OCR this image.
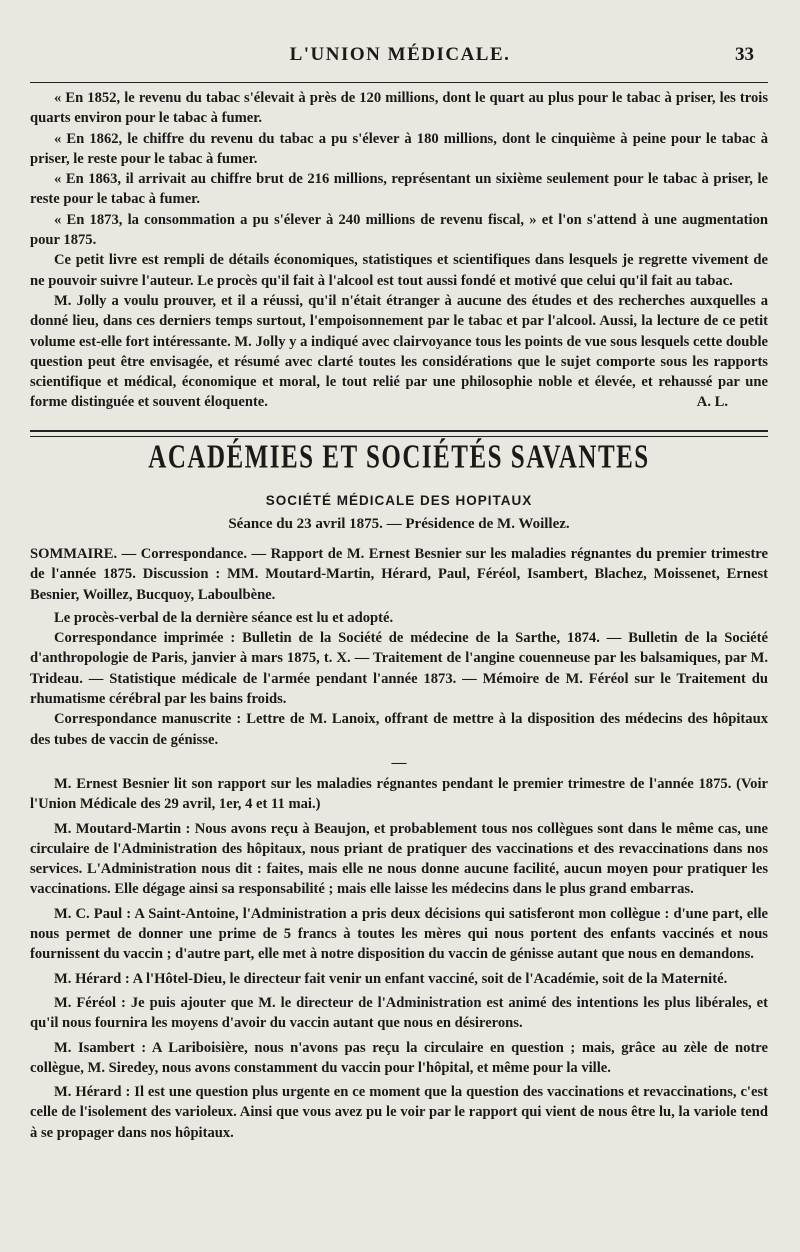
L'UNION MÉDICALE.	33

« En 1852, le revenu du tabac s'élevait à près de 120 millions, dont le quart au plus pour le tabac à priser, les trois quarts environ pour le tabac à fumer.

« En 1862, le chiffre du revenu du tabac a pu s'élever à 180 millions, dont le cinquième à peine pour le tabac à priser, le reste pour le tabac à fumer.

« En 1863, il arrivait au chiffre brut de 216 millions, représentant un sixième seulement pour le tabac à priser, le reste pour le tabac à fumer.

« En 1873, la consommation a pu s'élever à 240 millions de revenu fiscal, » et l'on s'attend à une augmentation pour 1875.

Ce petit livre est rempli de détails économiques, statistiques et scientifiques dans lesquels je regrette vivement de ne pouvoir suivre l'auteur. Le procès qu'il fait à l'alcool est tout aussi fondé et motivé que celui qu'il fait au tabac.

M. Jolly a voulu prouver, et il a réussi, qu'il n'était étranger à aucune des études et des recherches auxquelles a donné lieu, dans ces derniers temps surtout, l'empoisonnement par le tabac et par l'alcool. Aussi, la lecture de ce petit volume est-elle fort intéressante. M. Jolly y a indiqué avec clairvoyance tous les points de vue sous lesquels cette double question peut être envisagée, et résumé avec clarté toutes les considérations que le sujet comporte sous les rapports scientifique et médical, économique et moral, le tout relié par une philosophie noble et élevée, et rehaussé par une forme distinguée et souvent éloquente.	A. L.

ACADÉMIES ET SOCIÉTÉS SAVANTES
SOCIÉTÉ MÉDICALE DES HOPITAUX
Séance du 23 avril 1875. — Présidence de M. Woillez.

SOMMAIRE. — Correspondance. — Rapport de M. Ernest Besnier sur les maladies régnantes du premier trimestre de l'année 1875. Discussion : MM. Moutard-Martin, Hérard, Paul, Féréol, Isambert, Blachez, Moissenet, Ernest Besnier, Woillez, Bucquoy, Laboulbène.

Le procès-verbal de la dernière séance est lu et adopté.

Correspondance imprimée : Bulletin de la Société de médecine de la Sarthe, 1874. — Bulletin de la Société d'anthropologie de Paris, janvier à mars 1875, t. X. — Traitement de l'angine couenneuse par les balsamiques, par M. Trideau. — Statistique médicale de l'armée pendant l'année 1873. — Mémoire de M. Féréol sur le Traitement du rhumatisme cérébral par les bains froids.

Correspondance manuscrite : Lettre de M. Lanoix, offrant de mettre à la disposition des médecins des hôpitaux des tubes de vaccin de génisse.

—

M. Ernest Besnier lit son rapport sur les maladies régnantes pendant le premier trimestre de l'année 1875. (Voir l'Union Médicale des 29 avril, 1er, 4 et 11 mai.)

M. Moutard-Martin : Nous avons reçu à Beaujon, et probablement tous nos collègues sont dans le même cas, une circulaire de l'Administration des hôpitaux, nous priant de pratiquer des vaccinations et des revaccinations dans nos services. L'Administration nous dit : faites, mais elle ne nous donne aucune facilité, aucun moyen pour pratiquer les vaccinations. Elle dégage ainsi sa responsabilité ; mais elle laisse les médecins dans le plus grand embarras.

M. C. Paul : A Saint-Antoine, l'Administration a pris deux décisions qui satisferont mon collègue : d'une part, elle nous permet de donner une prime de 5 francs à toutes les mères qui nous portent des enfants vaccinés et nous fournissent du vaccin ; d'autre part, elle met à notre disposition du vaccin de génisse autant que nous en demandons.

M. Hérard : A l'Hôtel-Dieu, le directeur fait venir un enfant vacciné, soit de l'Académie, soit de la Maternité.

M. Féréol : Je puis ajouter que M. le directeur de l'Administration est animé des intentions les plus libérales, et qu'il nous fournira les moyens d'avoir du vaccin autant que nous en désirerons.

M. Isambert : A Lariboisière, nous n'avons pas reçu la circulaire en question ; mais, grâce au zèle de notre collègue, M. Siredey, nous avons constamment du vaccin pour l'hôpital, et même pour la ville.

M. Hérard : Il est une question plus urgente en ce moment que la question des vaccinations et revaccinations, c'est celle de l'isolement des varioleux. Ainsi que vous avez pu le voir par le rapport qui vient de nous être lu, la variole tend à se propager dans nos hôpitaux.
